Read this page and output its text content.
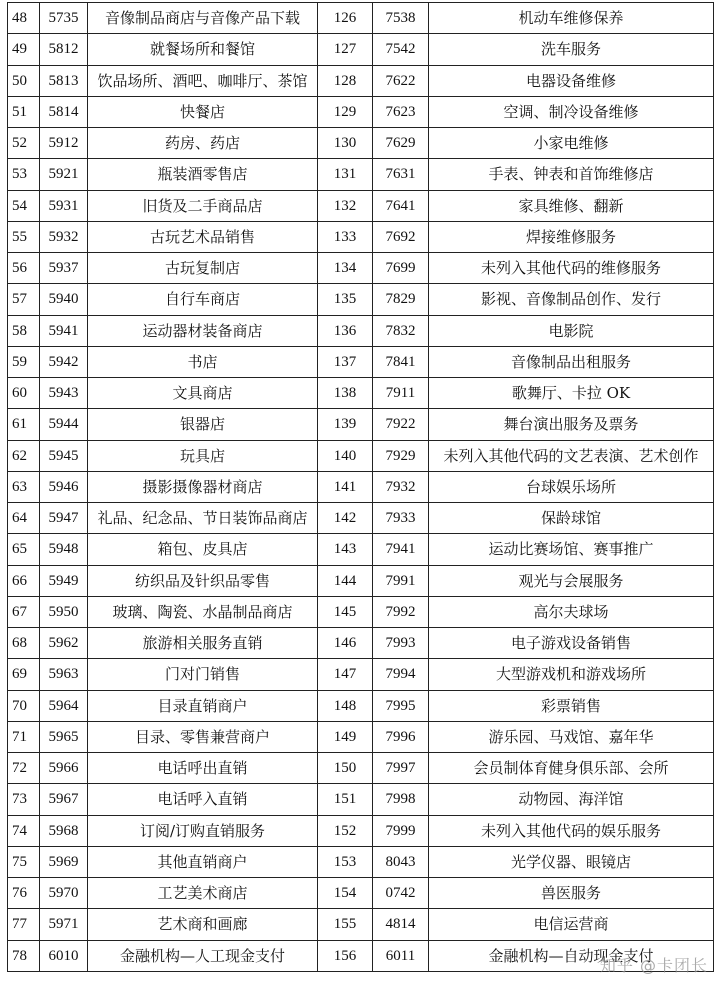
48	5735	音像制品商店与音像产品下载	126	7538	机动车维修保养
49	5812	就餐场所和餐馆	127	7542	洗车服务
50	5813	饮品场所、酒吧、咖啡厅、茶馆	128	7622	电器设备维修
51	5814	快餐店	129	7623	空调、制冷设备维修
52	5912	药房、药店	130	7629	小家电维修
53	5921	瓶装酒零售店	131	7631	手表、钟表和首饰维修店
54	5931	旧货及二手商品店	132	7641	家具维修、翻新
55	5932	古玩艺术品销售	133	7692	焊接维修服务
56	5937	古玩复制店	134	7699	未列入其他代码的维修服务
57	5940	自行车商店	135	7829	影视、音像制品创作、发行
58	5941	运动器材装备商店	136	7832	电影院
59	5942	书店	137	7841	音像制品出租服务
60	5943	文具商店	138	7911	歌舞厅、卡拉 OK
61	5944	银器店	139	7922	舞台演出服务及票务
62	5945	玩具店	140	7929	未列入其他代码的文艺表演、艺术创作
63	5946	摄影摄像器材商店	141	7932	台球娱乐场所
64	5947	礼品、纪念品、节日装饰品商店	142	7933	保龄球馆
65	5948	箱包、皮具店	143	7941	运动比赛场馆、赛事推广
66	5949	纺织品及针织品零售	144	7991	观光与会展服务
67	5950	玻璃、陶瓷、水晶制品商店	145	7992	高尔夫球场
68	5962	旅游相关服务直销	146	7993	电子游戏设备销售
69	5963	门对门销售	147	7994	大型游戏机和游戏场所
70	5964	目录直销商户	148	7995	彩票销售
71	5965	目录、零售兼营商户	149	7996	游乐园、马戏馆、嘉年华
72	5966	电话呼出直销	150	7997	会员制体育健身俱乐部、会所
73	5967	电话呼入直销	151	7998	动物园、海洋馆
74	5968	订阅/订购直销服务	152	7999	未列入其他代码的娱乐服务
75	5969	其他直销商户	153	8043	光学仪器、眼镜店
76	5970	工艺美术商店	154	0742	兽医服务
77	5971	艺术商和画廊	155	4814	电信运营商
78	6010	金融机构—人工现金支付	156	6011	金融机构—自动现金支付
知乎 @卡团长
